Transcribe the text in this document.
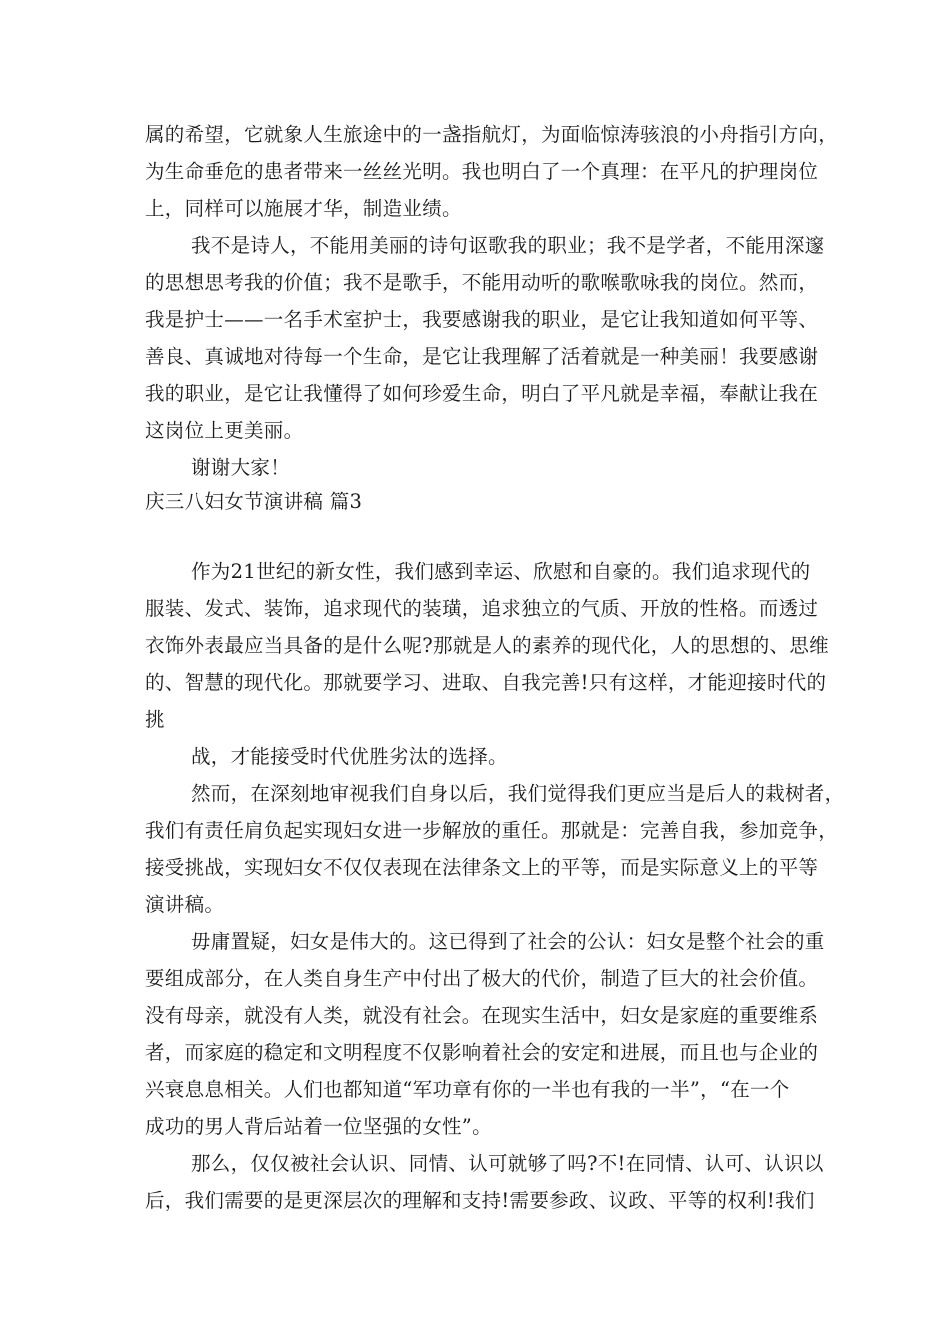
属的希望，它就象人生旅途中的一盏指航灯，为面临惊涛骇浪的小舟指引方向，
为生命垂危的患者带来一丝丝光明。我也明白了一个真理：在平凡的护理岗位
上，同样可以施展才华，制造业绩。
我不是诗人，不能用美丽的诗句讴歌我的职业；我不是学者，不能用深邃
的思想思考我的价值；我不是歌手，不能用动听的歌喉歌咏我的岗位。然而，
我是护士——一名手术室护士，我要感谢我的职业，是它让我知道如何平等、
善良、真诚地对待每一个生命，是它让我理解了活着就是一种美丽！我要感谢
我的职业，是它让我懂得了如何珍爱生命，明白了平凡就是幸福，奉献让我在
这岗位上更美丽。
谢谢大家！
庆三八妇女节演讲稿 篇3
作为21世纪的新女性，我们感到幸运、欣慰和自豪的。我们追求现代的
服装、发式、装饰，追求现代的装璜，追求独立的气质、开放的性格。而透过
衣饰外表最应当具备的是什么呢?那就是人的素养的现代化，人的思想的、思维
的、智慧的现代化。那就要学习、进取、自我完善!只有这样，才能迎接时代的
挑
战，才能接受时代优胜劣汰的选择。
然而，在深刻地审视我们自身以后，我们觉得我们更应当是后人的栽树者，
我们有责任肩负起实现妇女进一步解放的重任。那就是：完善自我，参加竞争，
接受挑战，实现妇女不仅仅表现在法律条文上的平等，而是实际意义上的平等
演讲稿。
毋庸置疑，妇女是伟大的。这已得到了社会的公认：妇女是整个社会的重
要组成部分，在人类自身生产中付出了极大的代价，制造了巨大的社会价值。
没有母亲，就没有人类，就没有社会。在现实生活中，妇女是家庭的重要维系
者，而家庭的稳定和文明程度不仅影响着社会的安定和进展，而且也与企业的
兴衰息息相关。人们也都知道“军功章有你的一半也有我的一半”，“在一个
成功的男人背后站着一位坚强的女性”。
那么，仅仅被社会认识、同情、认可就够了吗?不!在同情、认可、认识以
后，我们需要的是更深层次的理解和支持!需要参政、议政、平等的权利!我们
